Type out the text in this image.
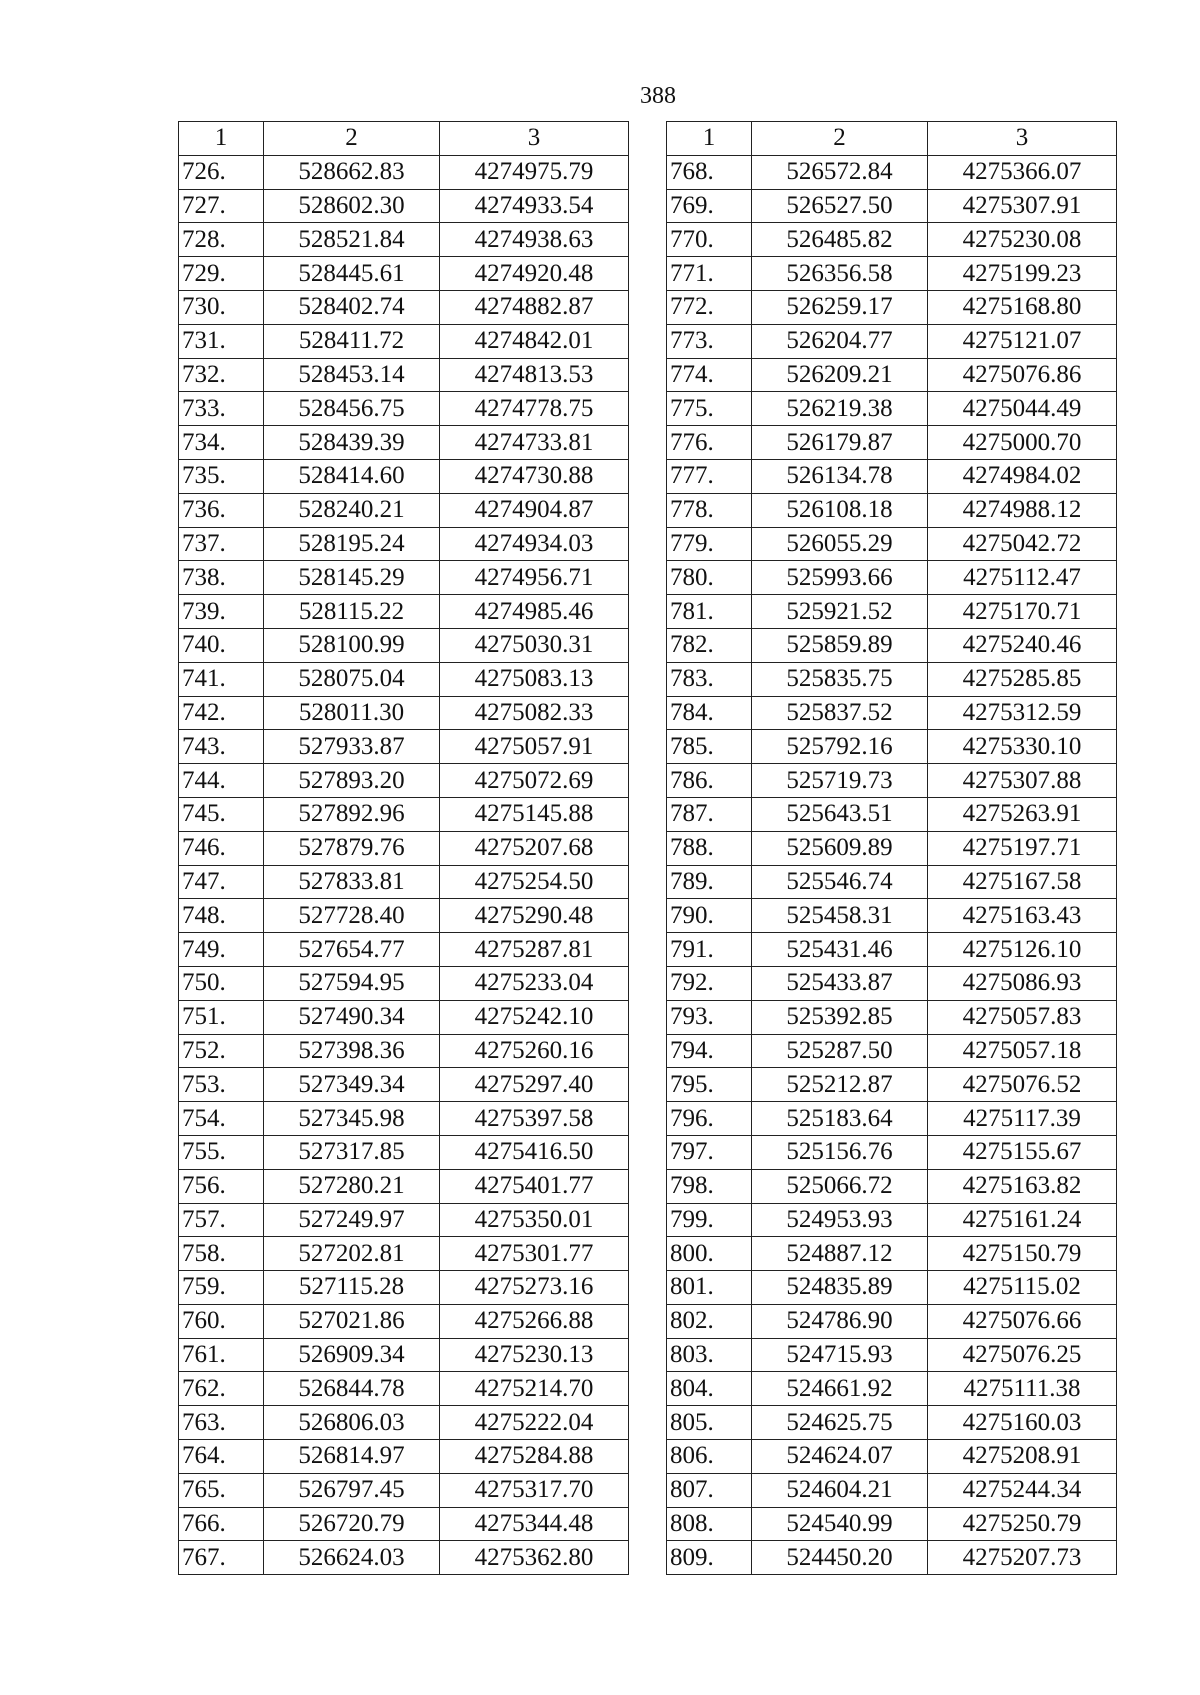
388
1	2	3
726.	528662.83	4274975.79
727.	528602.30	4274933.54
728.	528521.84	4274938.63
729.	528445.61	4274920.48
730.	528402.74	4274882.87
731.	528411.72	4274842.01
732.	528453.14	4274813.53
733.	528456.75	4274778.75
734.	528439.39	4274733.81
735.	528414.60	4274730.88
736.	528240.21	4274904.87
737.	528195.24	4274934.03
738.	528145.29	4274956.71
739.	528115.22	4274985.46
740.	528100.99	4275030.31
741.	528075.04	4275083.13
742.	528011.30	4275082.33
743.	527933.87	4275057.91
744.	527893.20	4275072.69
745.	527892.96	4275145.88
746.	527879.76	4275207.68
747.	527833.81	4275254.50
748.	527728.40	4275290.48
749.	527654.77	4275287.81
750.	527594.95	4275233.04
751.	527490.34	4275242.10
752.	527398.36	4275260.16
753.	527349.34	4275297.40
754.	527345.98	4275397.58
755.	527317.85	4275416.50
756.	527280.21	4275401.77
757.	527249.97	4275350.01
758.	527202.81	4275301.77
759.	527115.28	4275273.16
760.	527021.86	4275266.88
761.	526909.34	4275230.13
762.	526844.78	4275214.70
763.	526806.03	4275222.04
764.	526814.97	4275284.88
765.	526797.45	4275317.70
766.	526720.79	4275344.48
767.	526624.03	4275362.80
1	2	3
768.	526572.84	4275366.07
769.	526527.50	4275307.91
770.	526485.82	4275230.08
771.	526356.58	4275199.23
772.	526259.17	4275168.80
773.	526204.77	4275121.07
774.	526209.21	4275076.86
775.	526219.38	4275044.49
776.	526179.87	4275000.70
777.	526134.78	4274984.02
778.	526108.18	4274988.12
779.	526055.29	4275042.72
780.	525993.66	4275112.47
781.	525921.52	4275170.71
782.	525859.89	4275240.46
783.	525835.75	4275285.85
784.	525837.52	4275312.59
785.	525792.16	4275330.10
786.	525719.73	4275307.88
787.	525643.51	4275263.91
788.	525609.89	4275197.71
789.	525546.74	4275167.58
790.	525458.31	4275163.43
791.	525431.46	4275126.10
792.	525433.87	4275086.93
793.	525392.85	4275057.83
794.	525287.50	4275057.18
795.	525212.87	4275076.52
796.	525183.64	4275117.39
797.	525156.76	4275155.67
798.	525066.72	4275163.82
799.	524953.93	4275161.24
800.	524887.12	4275150.79
801.	524835.89	4275115.02
802.	524786.90	4275076.66
803.	524715.93	4275076.25
804.	524661.92	4275111.38
805.	524625.75	4275160.03
806.	524624.07	4275208.91
807.	524604.21	4275244.34
808.	524540.99	4275250.79
809.	524450.20	4275207.73
